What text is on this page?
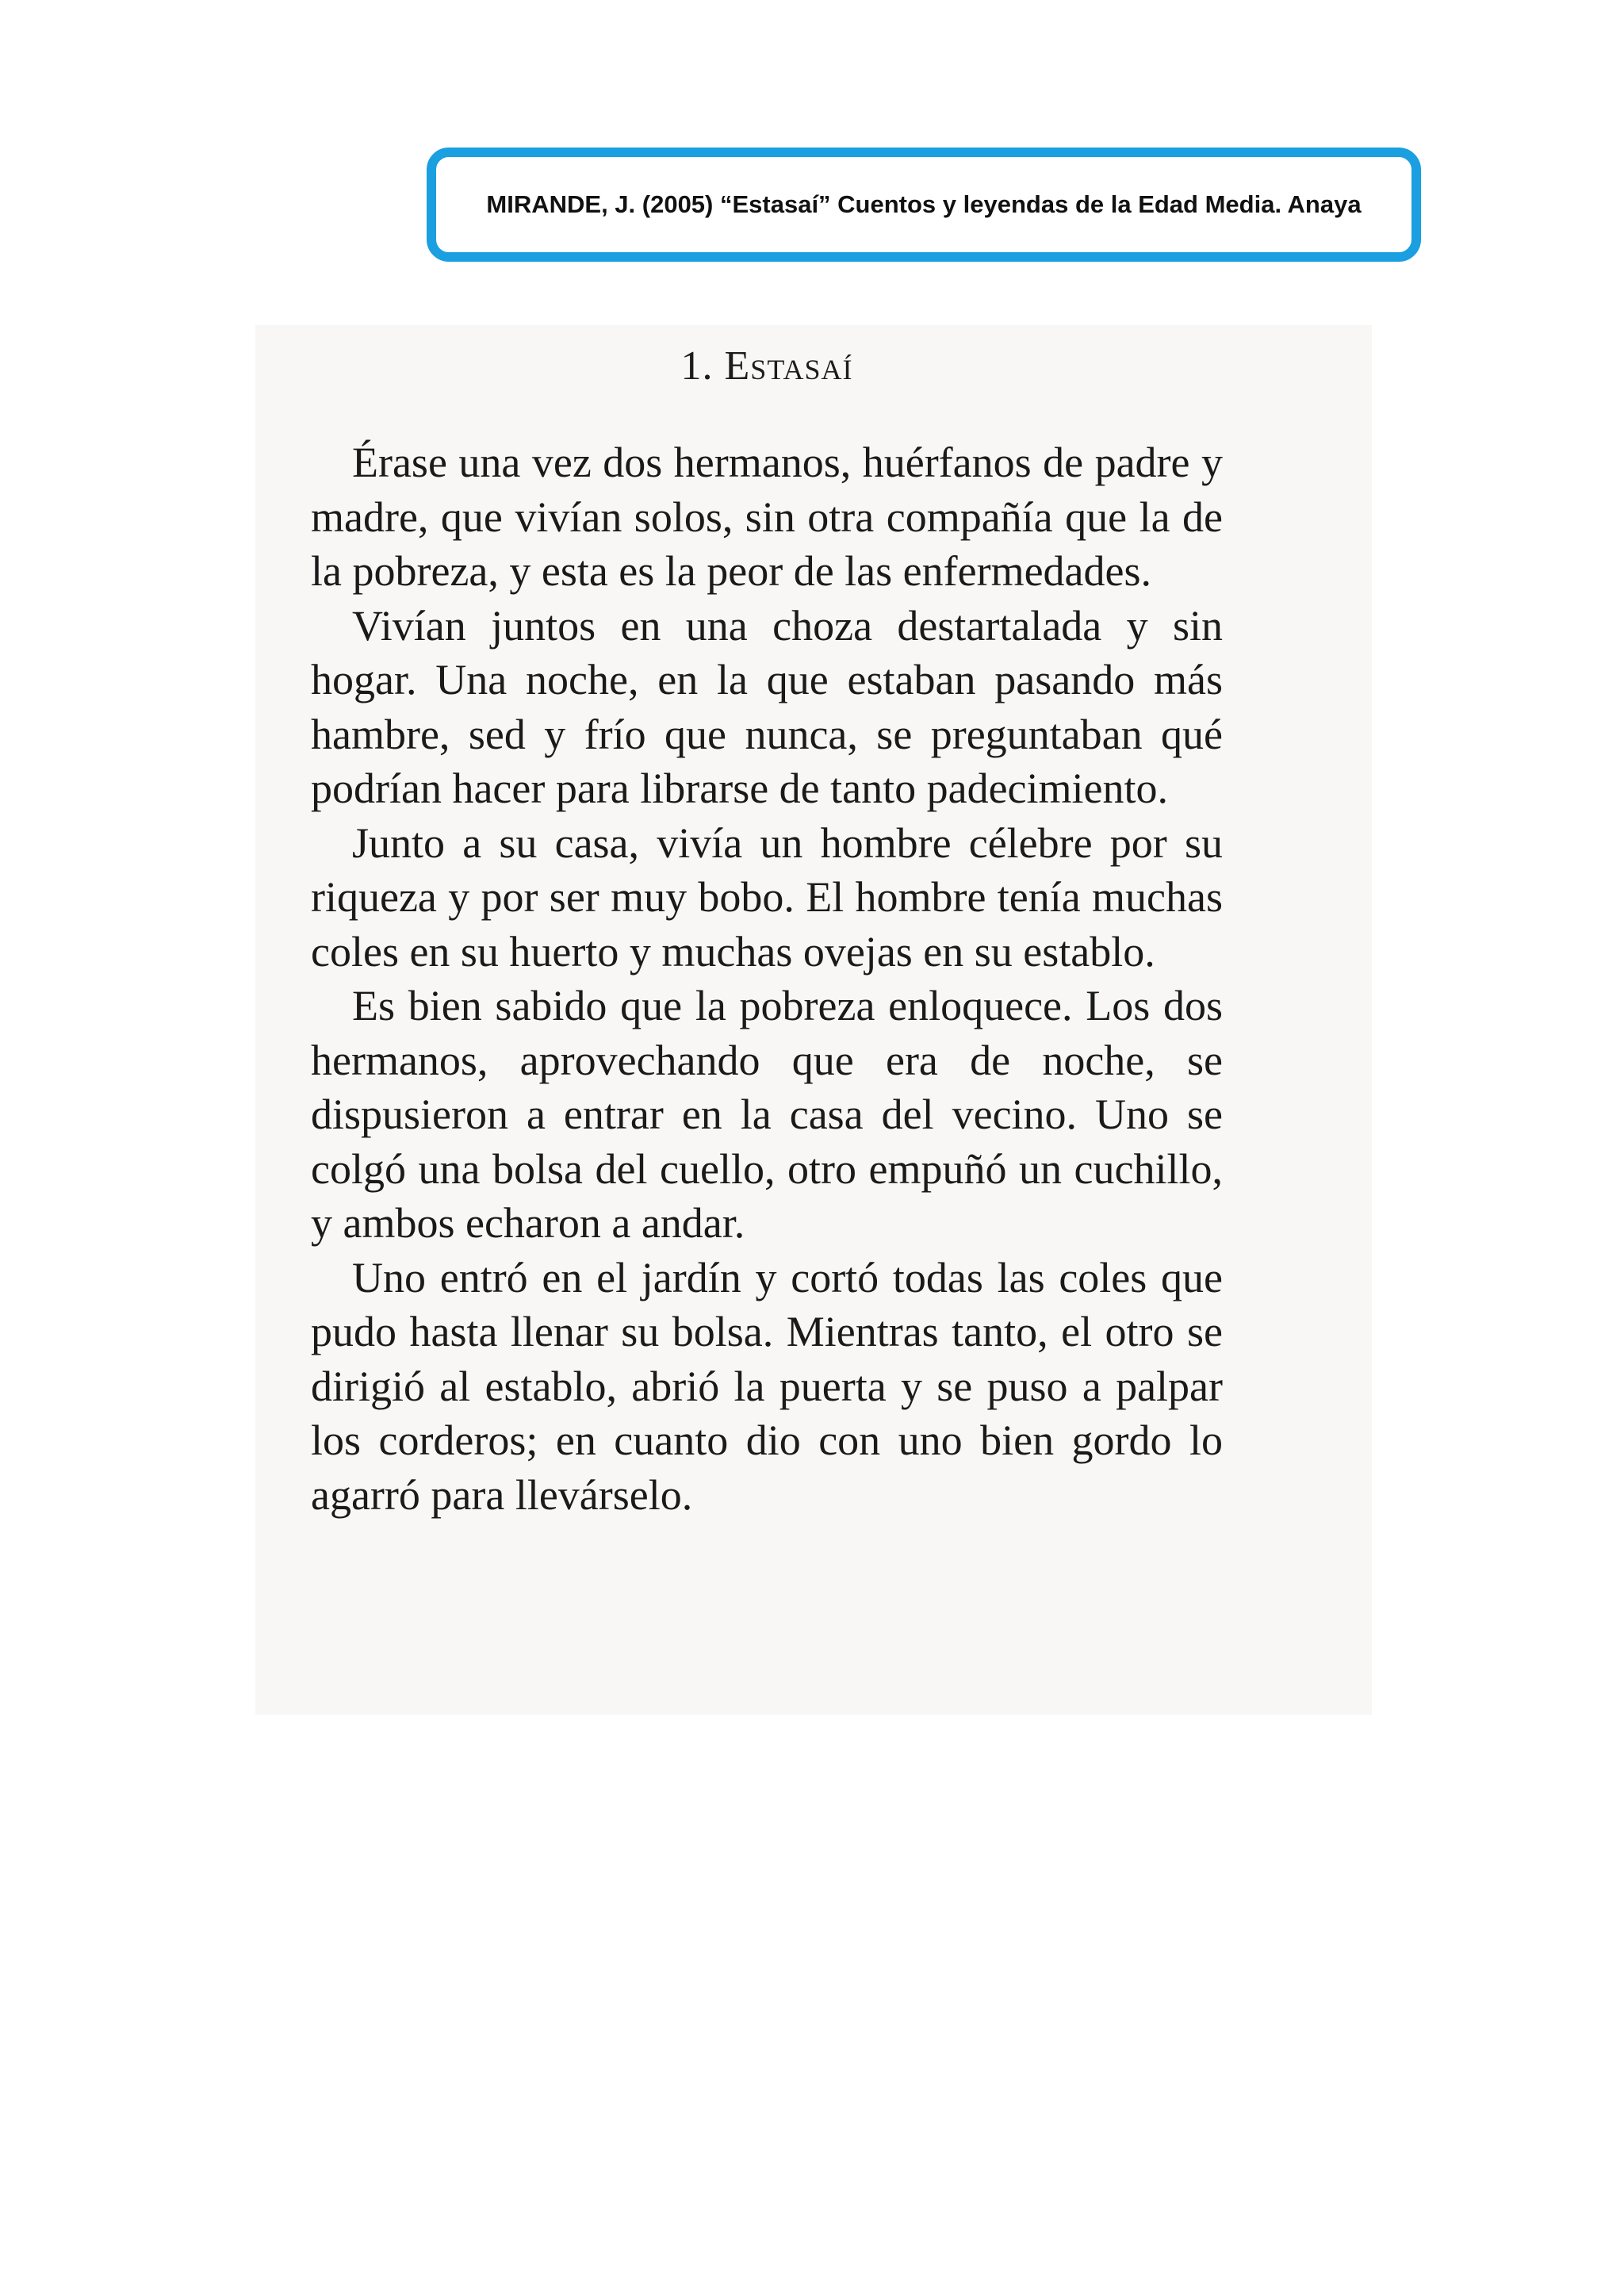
MIRANDE, J. (2005) “Estasaí” Cuentos y leyendas de la Edad Media. Anaya
1. Estasaí

Érase una vez dos hermanos, huérfanos de padre y madre, que vivían solos, sin otra compañía que la de la pobreza, y esta es la peor de las enfermedades.

Vivían juntos en una choza destartalada y sin hogar. Una noche, en la que estaban pasando más hambre, sed y frío que nunca, se preguntaban qué podrían hacer para librarse de tanto padecimiento.

Junto a su casa, vivía un hombre célebre por su riqueza y por ser muy bobo. El hombre tenía muchas coles en su huerto y muchas ovejas en su establo.

Es bien sabido que la pobreza enloquece. Los dos hermanos, aprovechando que era de noche, se dispusieron a entrar en la casa del vecino. Uno se colgó una bolsa del cuello, otro empuñó un cuchillo, y ambos echaron a andar.

Uno entró en el jardín y cortó todas las coles que pudo hasta llenar su bolsa. Mientras tanto, el otro se dirigió al establo, abrió la puerta y se puso a palpar los corderos; en cuanto dio con uno bien gordo lo agarró para llevárselo.
